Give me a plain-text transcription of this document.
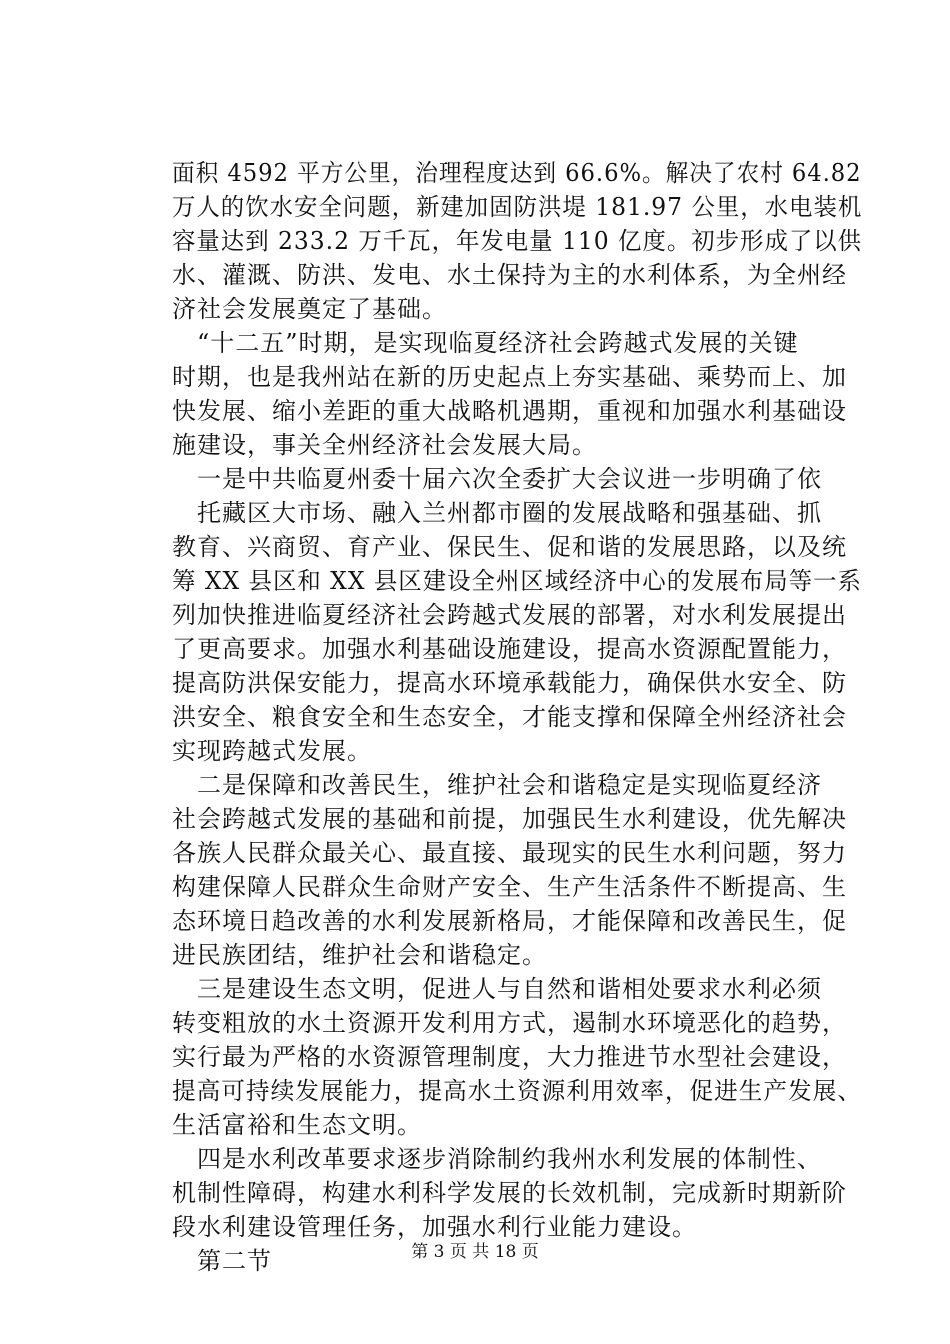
面积 4592 平方公里，治理程度达到 66.6%。解决了农村 64.82
万人的饮水安全问题，新建加固防洪堤 181.97 公里，水电装机
容量达到 233.2 万千瓦，年发电量 110 亿度。初步形成了以供
水、灌溉、防洪、发电、水土保持为主的水利体系，为全州经
济社会发展奠定了基础。
　“十二五”时期，是实现临夏经济社会跨越式发展的关键
时期，也是我州站在新的历史起点上夯实基础、乘势而上、加
快发展、缩小差距的重大战略机遇期，重视和加强水利基础设
施建设，事关全州经济社会发展大局。
　一是中共临夏州委十届六次全委扩大会议进一步明确了依
　托藏区大市场、融入兰州都市圈的发展战略和强基础、抓
教育、兴商贸、育产业、保民生、促和谐的发展思路，以及统
筹 XX 县区和 XX 县区建设全州区域经济中心的发展布局等一系
列加快推进临夏经济社会跨越式发展的部署，对水利发展提出
了更高要求。加强水利基础设施建设，提高水资源配置能力，
提高防洪保安能力，提高水环境承载能力，确保供水安全、防
洪安全、粮食安全和生态安全，才能支撑和保障全州经济社会
实现跨越式发展。
　二是保障和改善民生，维护社会和谐稳定是实现临夏经济
社会跨越式发展的基础和前提，加强民生水利建设，优先解决
各族人民群众最关心、最直接、最现实的民生水利问题，努力
构建保障人民群众生命财产安全、生产生活条件不断提高、生
态环境日趋改善的水利发展新格局，才能保障和改善民生，促
进民族团结，维护社会和谐稳定。
　三是建设生态文明，促进人与自然和谐相处要求水利必须
转变粗放的水土资源开发利用方式，遏制水环境恶化的趋势，
实行最为严格的水资源管理制度，大力推进节水型社会建设，
提高可持续发展能力，提高水土资源利用效率，促进生产发展、
生活富裕和生态文明。
　四是水利改革要求逐步消除制约我州水利发展的体制性、
机制性障碍，构建水利科学发展的长效机制，完成新时期新阶
段水利建设管理任务，加强水利行业能力建设。
　第二节	第 3 页 共 18 页
